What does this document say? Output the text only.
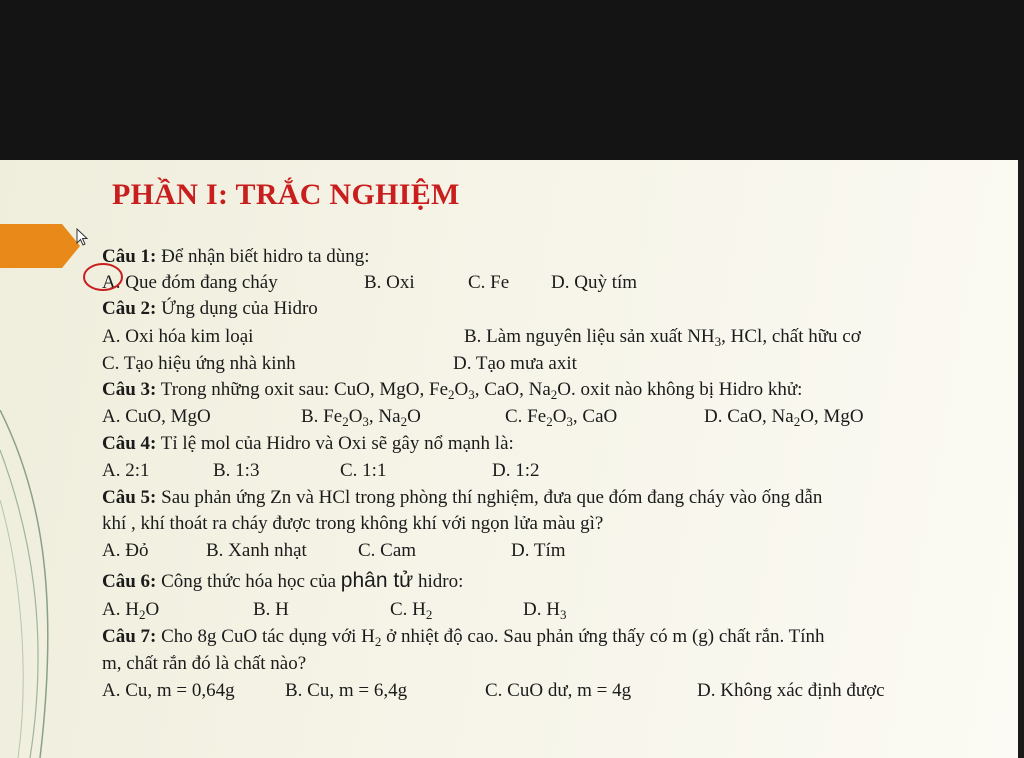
PHẦN I: TRẮC NGHIỆM
Câu 1: Để nhận biết hidro ta dùng:
A. Que đóm đang cháy	B. Oxi	C. Fe D. Quỳ tím
Câu 2: Ứng dụng của Hidro
A. Oxi hóa kim loại	B. Làm nguyên liệu sản xuất $NH_3$, HCl, chất hữu cơ
C. Tạo hiệu ứng nhà kinh	D. Tạo mưa axit
Câu 3: Trong những oxit sau: CuO, MgO, $Fe_2O_3$, CaO, $Na_2O$. oxit nào không bị Hidro khử:
A. CuO, MgO	B. $Fe_2O_3$, $Na_2O$	C. $Fe_2O_3$, CaO	D. CaO, $Na_2O$, MgO
Câu 4: Tỉ lệ mol của Hidro và Oxi sẽ gây nổ mạnh là:
A. 2:1	B. 1:3	C. 1:1	D. 1:2
Câu 5: Sau phản ứng Zn và HCl trong phòng thí nghiệm, đưa que đóm đang cháy vào ống dẫn
khí , khí thoát ra cháy được trong không khí với ngọn lửa màu gì?
A. Đỏ	B. Xanh nhạt	C. Cam	D. Tím
Câu 6: Công thức hóa học của phân tử hidro:
A. $H_2O$	B. H	C. $H_2$	D. $H_3$
Câu 7: Cho 8g CuO tác dụng với $H_2$ ở nhiệt độ cao. Sau phản ứng thấy có m (g) chất rắn. Tính
m, chất rắn đó là chất nào?
A. Cu, m = 0,64g	B. Cu, m = 6,4g	C. CuO dư, m = 4g	D. Không xác định được
